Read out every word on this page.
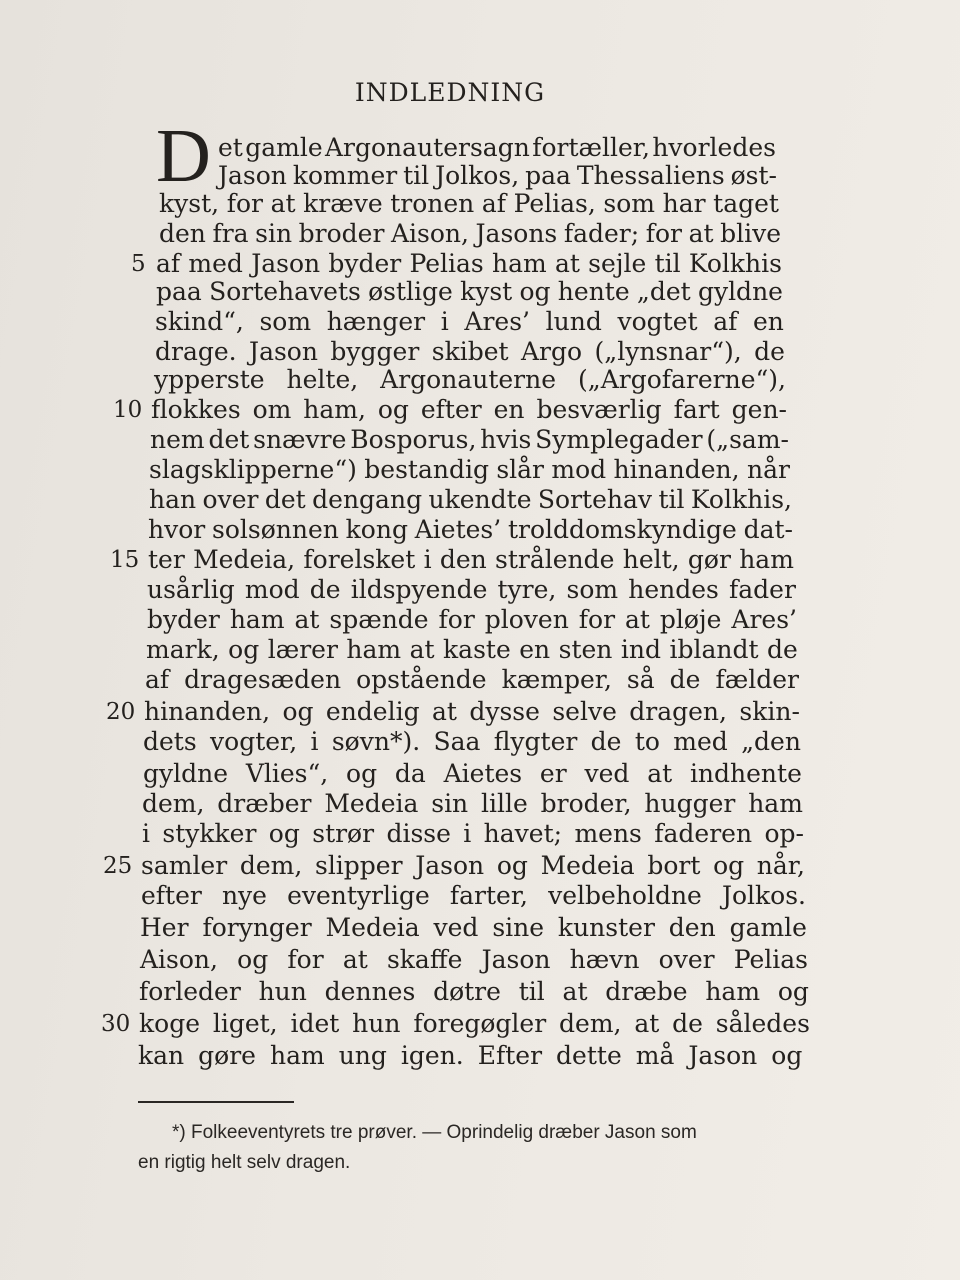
INDLEDNING
D et gamle Argonautersagn fortæller, hvorledes
Jason kommer til Jolkos, paa Thessaliens øst-
kyst, for at kræve tronen af Pelias, som har taget
den fra sin broder Aison, Jasons fader; for at blive
af med Jason byder Pelias ham at sejle til Kolkhis
5
paa Sortehavets østlige kyst og hente „det gyldne
skind“, som hænger i Ares’ lund vogtet af en
drage. Jason bygger skibet Argo („lynsnar“), de
ypperste helte, Argonauterne („Argofarerne“),
flokkes om ham, og efter en besværlig fart gen-
10
nem det snævre Bosporus, hvis Symplegader („sam-
slagsklipperne“) bestandig slår mod hinanden, når
han over det dengang ukendte Sortehav til Kolkhis,
hvor solsønnen kong Aietes’ trolddomskyndige dat-
ter Medeia, forelsket i den strålende helt, gør ham
15
usårlig mod de ildspyende tyre, som hendes fader
byder ham at spænde for ploven for at pløje Ares’
mark, og lærer ham at kaste en sten ind iblandt de
af dragesæden opstående kæmper, så de fælder
hinanden, og endelig at dysse selve dragen, skin-
20
dets vogter, i søvn*). Saa flygter de to med „den
gyldne Vlies“, og da Aietes er ved at indhente
dem, dræber Medeia sin lille broder, hugger ham
i stykker og strør disse i havet; mens faderen op-
samler dem, slipper Jason og Medeia bort og når,
25
efter nye eventyrlige farter, velbeholdne Jolkos.
Her forynger Medeia ved sine kunster den gamle
Aison, og for at skaffe Jason hævn over Pelias
forleder hun dennes døtre til at dræbe ham og
koge liget, idet hun foregøgler dem, at de således
30
kan gøre ham ung igen. Efter dette må Jason og
*) Folkeeventyrets tre prøver. — Oprindelig dræber Jason som
en rigtig helt selv dragen.
